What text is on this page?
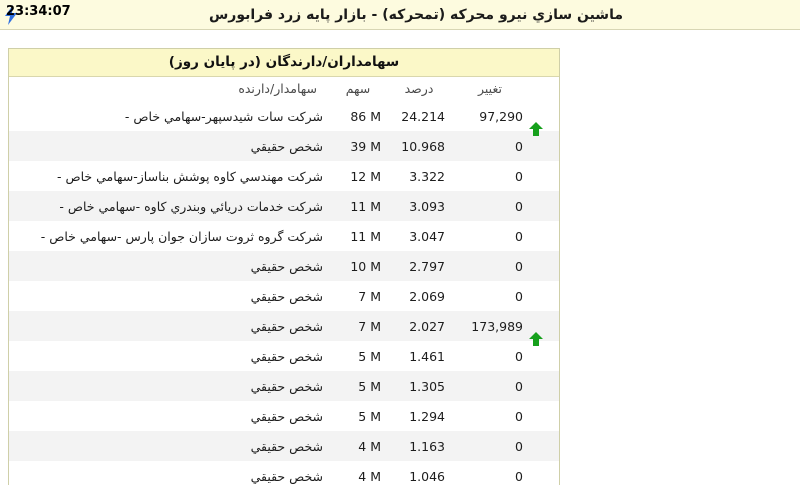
23:34:07	ماشين سازي نيرو محركه (تمحركه) - بازار پايه زرد فرابورس
سهامداران/دارندگان (در پايان روز)
	تغيير	درصد	سهم	سهامدار/دارنده

	97,290	24.214	86 M	شركت سات شيدسپهر-سهامي خاص -
	0	10.968	39 M	شخص حقيقي
	0	3.322	12 M	شركت مهندسي كاوه پوشش بناساز-سهامي خاص -
	0	3.093	11 M	شركت خدمات دريائي وبندري كاوه -سهامي خاص -
	0	3.047	11 M	شركت گروه ثروت سازان جوان پارس -سهامي خاص -
	0	2.797	10 M	شخص حقيقي
	0	2.069	7 M	شخص حقيقي

	173,989	2.027	7 M	شخص حقيقي
	0	1.461	5 M	شخص حقيقي
	0	1.305	5 M	شخص حقيقي
	0	1.294	5 M	شخص حقيقي
	0	1.163	4 M	شخص حقيقي
	0	1.046	4 M	شخص حقيقي
